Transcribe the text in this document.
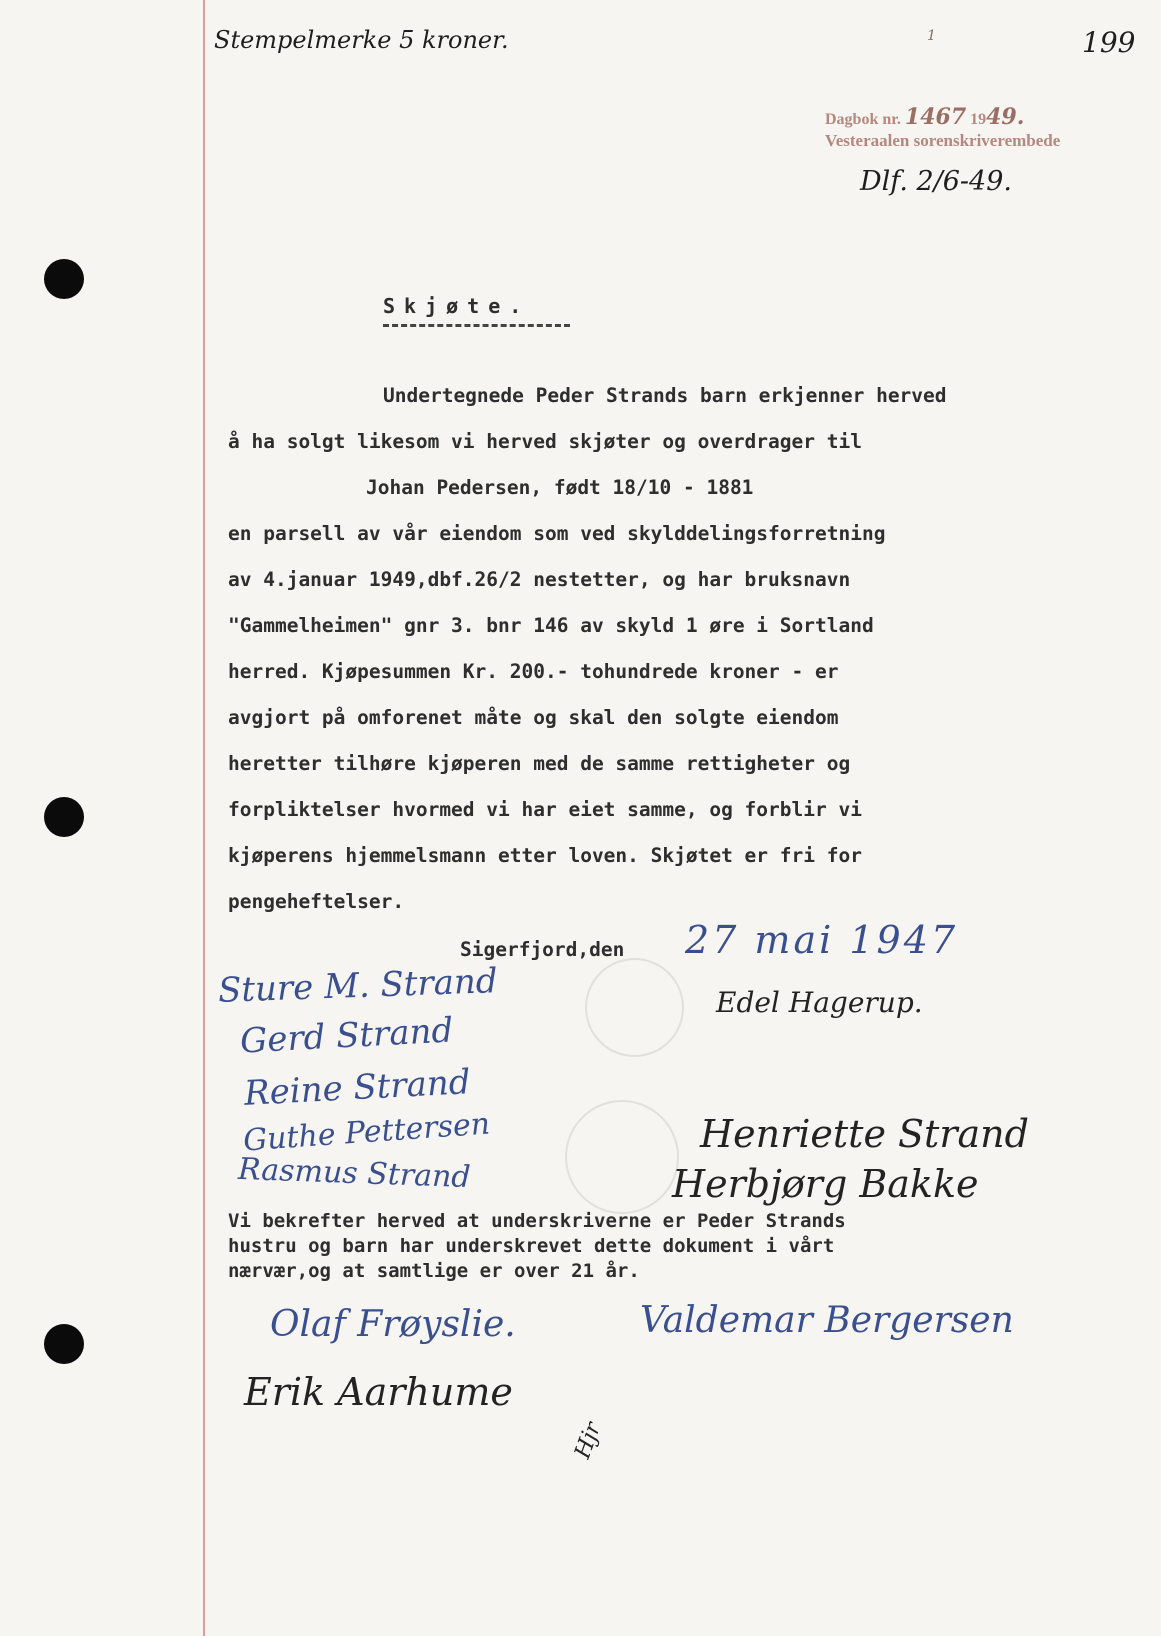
Stempelmerke 5 kroner.	1	199
Dagbok nr. 1467 1949.
Vesteraalen sorenskriverembede
Dlf. 2/6-49.
Skjøte.
Undertegnede Peder Strands barn erkjenner herved
å ha solgt likesom vi herved skjøter og overdrager til
Johan Pedersen, født 18/10 - 1881
en parsell av vår eiendom som ved skylddelingsforretning
av 4.januar 1949,dbf.26/2 nestetter, og har bruksnavn
"Gammelheimen" gnr 3. bnr 146 av skyld 1 øre i Sortland
herred. Kjøpesummen Kr. 200.- tohundrede kroner - er
avgjort på omforenet måte og skal den solgte eiendom
heretter tilhøre kjøperen med de samme rettigheter og
forpliktelser hvormed vi har eiet samme, og forblir vi
kjøperens hjemmelsmann etter loven. Skjøtet er fri for
pengeheftelser.
Sigerfjord,den 27 mai 1947
Sture M. Strand
Gerd Strand
Reine Strand
Guthe Pettersen
Rasmus Strand
Edel Hagerup.
Henriette Strand
Herbjørg Bakke
Vi bekrefter herved at underskriverne er Peder Strands
hustru og barn har underskrevet dette dokument i vårt
nærvær,og at samtlige er over 21 år.
Olaf Frøyslie.	Valdemar Bergersen
Erik Aarhume
Hjr
